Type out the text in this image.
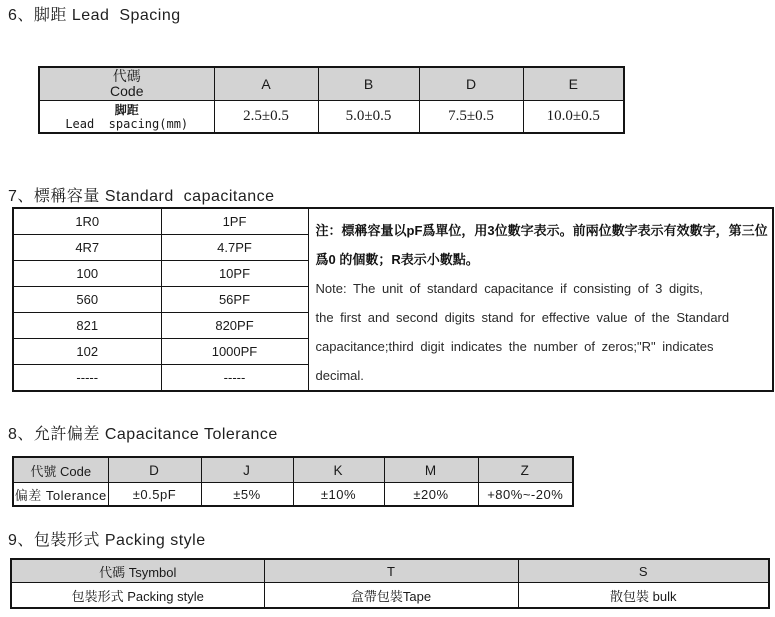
6、脚距 Lead  Spacing
代碼
Code	A	B	D	E

脚距
Lead  spacing(mm)	2.5±0.5	5.0±0.5	7.5±0.5	10.0±0.5
7、標稱容量 Standard  capacitance
1R0	1PF	
注：標稱容量以pF爲單位，用3位數字表示。前兩位數字表示有效數字，第三位
爲0 的個數；R表示小數點。
Note: The unit of standard capacitance if consisting of 3 digits,
the first and second digits stand for effective value of the Standard
capacitance;third digit indicates the number of zeros;"R" indicates
decimal.

4R7	4.7PF	
100	10PF	
560	56PF	
821	820PF	
102	1000PF	
-----	-----	
8、允許偏差 Capacitance Tolerance
代號 Code	D	J	K	M	Z
偏差 Tolerance	±0.5pF	±5%	±10%	±20%	+80%~-20%
9、包裝形式 Packing style
代碼 Tsymbol	T	S
包裝形式 Packing style	盒帶包裝Tape	散包裝 bulk
